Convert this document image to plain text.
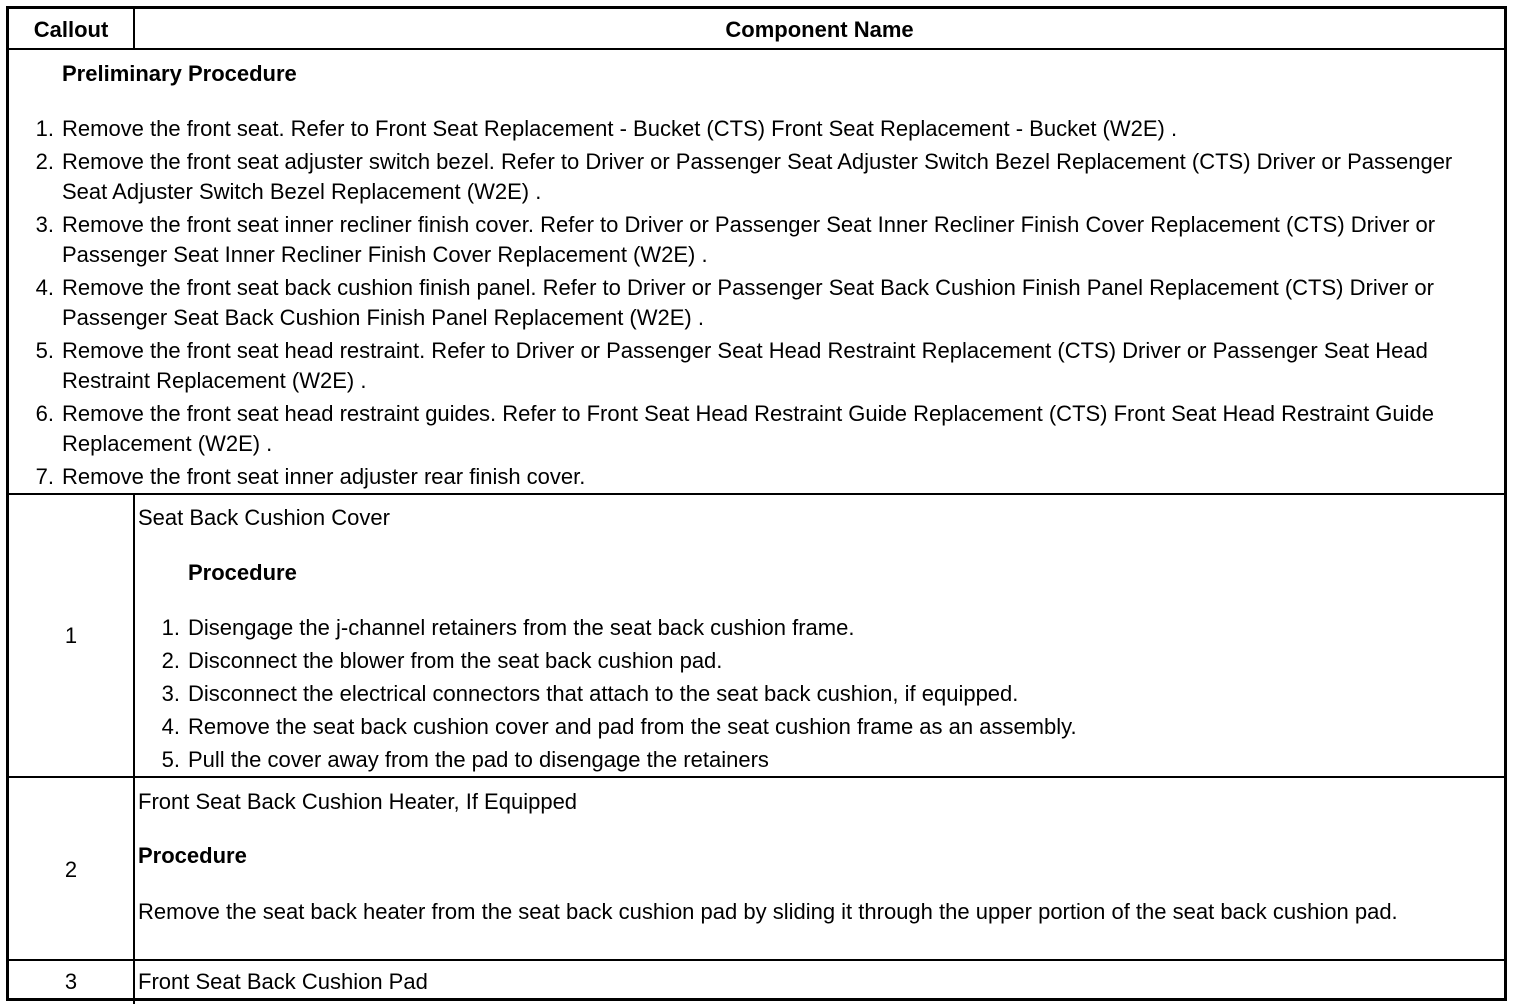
Callout	Component Name
Preliminary Procedure
1. Remove the front seat. Refer to Front Seat Replacement - Bucket (CTS) Front Seat Replacement - Bucket (W2E) .
2. Remove the front seat adjuster switch bezel. Refer to Driver or Passenger Seat Adjuster Switch Bezel Replacement (CTS) Driver or Passenger Seat Adjuster Switch Bezel Replacement (W2E) .
3. Remove the front seat inner recliner finish cover. Refer to Driver or Passenger Seat Inner Recliner Finish Cover Replacement (CTS) Driver or Passenger Seat Inner Recliner Finish Cover Replacement (W2E) .
4. Remove the front seat back cushion finish panel. Refer to Driver or Passenger Seat Back Cushion Finish Panel Replacement (CTS) Driver or Passenger Seat Back Cushion Finish Panel Replacement (W2E) .
5. Remove the front seat head restraint. Refer to Driver or Passenger Seat Head Restraint Replacement (CTS) Driver or Passenger Seat Head Restraint Replacement (W2E) .
6. Remove the front seat head restraint guides. Refer to Front Seat Head Restraint Guide Replacement (CTS) Front Seat Head Restraint Guide Replacement (W2E) .
7. Remove the front seat inner adjuster rear finish cover.
1
Seat Back Cushion Cover
Procedure
1. Disengage the j-channel retainers from the seat back cushion frame.
2. Disconnect the blower from the seat back cushion pad.
3. Disconnect the electrical connectors that attach to the seat back cushion, if equipped.
4. Remove the seat back cushion cover and pad from the seat cushion frame as an assembly.
5. Pull the cover away from the pad to disengage the retainers
2
Front Seat Back Cushion Heater, If Equipped
Procedure
Remove the seat back heater from the seat back cushion pad by sliding it through the upper portion of the seat back cushion pad.
3	Front Seat Back Cushion Pad
